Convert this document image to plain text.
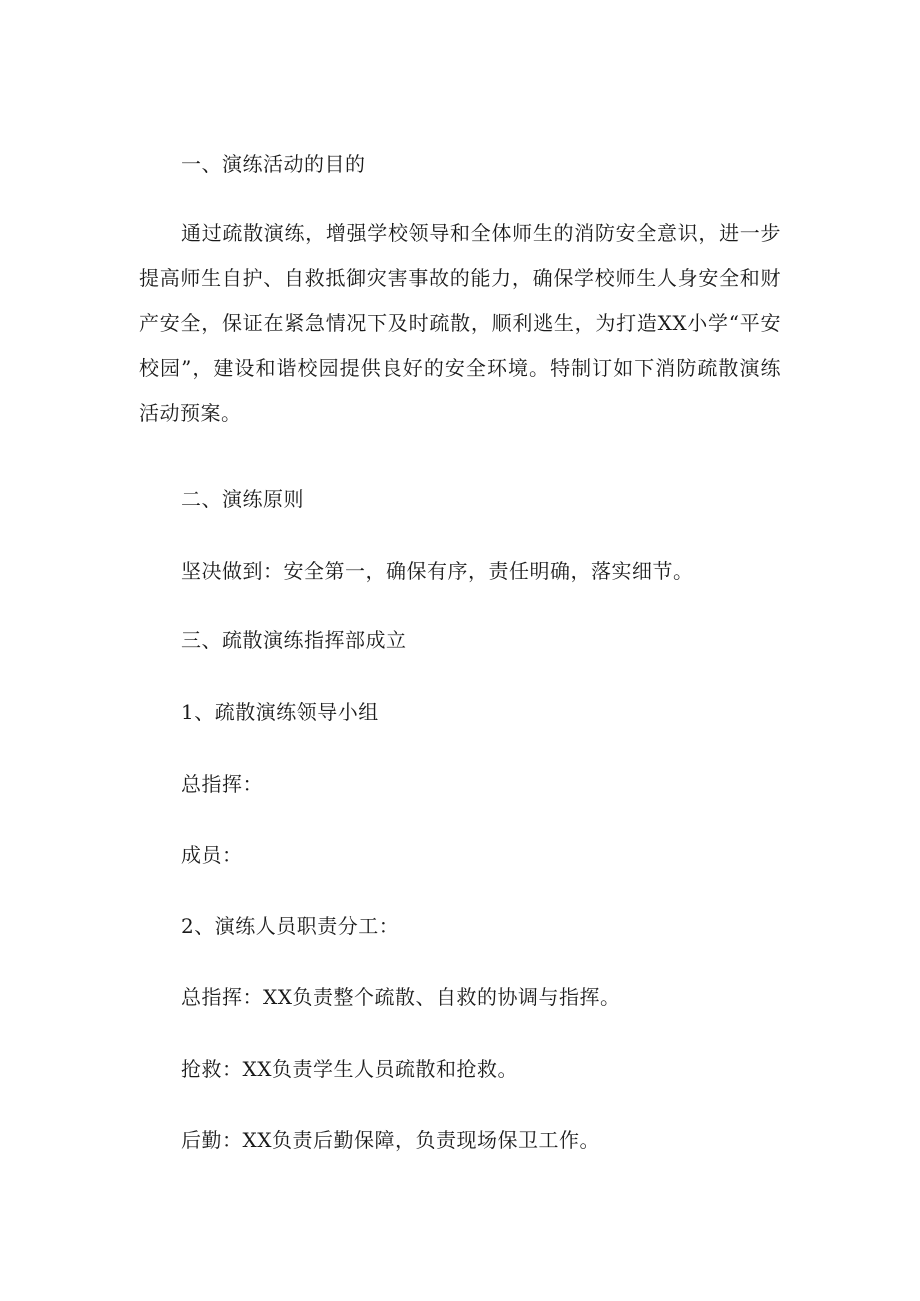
一、演练活动的目的
通过疏散演练，增强学校领导和全体师生的消防安全意识，进一步提高师生自护、自救抵御灾害事故的能力，确保学校师生人身安全和财产安全，保证在紧急情况下及时疏散，顺利逃生，为打造XX小学“平安校园”，建设和谐校园提供良好的安全环境。特制订如下消防疏散演练活动预案。
二、演练原则
坚决做到：安全第一，确保有序，责任明确，落实细节。
三、疏散演练指挥部成立
1、疏散演练领导小组
总指挥：
成员：
2、演练人员职责分工：
总指挥：XX负责整个疏散、自救的协调与指挥。
抢救：XX负责学生人员疏散和抢救。
后勤：XX负责后勤保障，负责现场保卫工作。
